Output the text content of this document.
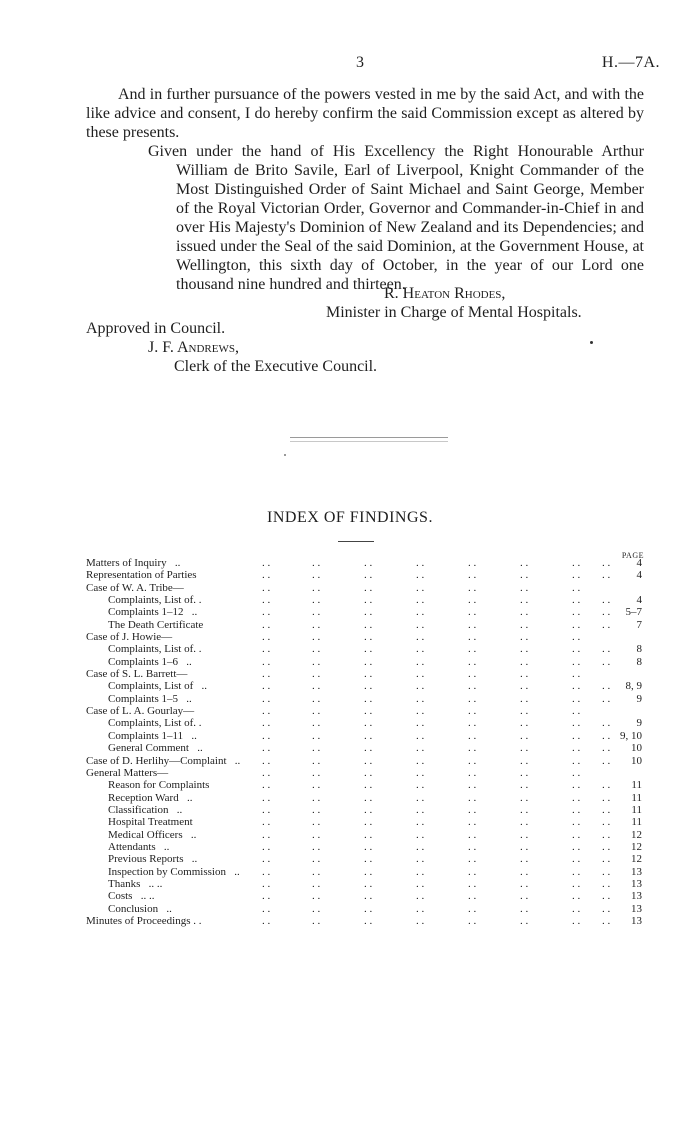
3	H.—7A.
And in further pursuance of the powers vested in me by the said Act, and with the like advice and consent, I do hereby confirm the said Commission except as altered by these presents.
Given under the hand of His Excellency the Right Honourable Arthur William de Brito Savile, Earl of Liverpool, Knight Commander of the Most Distinguished Order of Saint Michael and Saint George, Member of the Royal Victorian Order, Governor and Commander-in-Chief in and over His Majesty's Dominion of New Zealand and its Dependencies; and issued under the Seal of the said Dominion, at the Government House, at Wellington, this sixth day of October, in the year of our Lord one thousand nine hundred and thirteen.
R. Heaton Rhodes,
Minister in Charge of Mental Hospitals.
Approved in Council.
J. F. Andrews,
Clerk of the Executive Council.
INDEX OF FINDINGS.
PAGE
Matters of Inquiry   ..	. .	. .	. .	. .	. .	. .	. . . . 4
Representation of Parties	. .	. .	. .	. .	. .	. .	. . . . 4
Case of W. A. Tribe—	. .	. .	. .	. .	. .	. .	. .
Complaints, List of. .	. .	. .	. .	. .	. .	. .	. . . . 4
Complaints 1–12   ..	. .	. .	. .	. .	. .	. .	. . . . 5–7
The Death Certificate	. .	. .	. .	. .	. .	. .	. . . . 7
Case of J. Howie—	. .	. .	. .	. .	. .	. .	. .
Complaints, List of. .	. .	. .	. .	. .	. .	. .	. . . . 8
Complaints 1–6   ..	. .	. .	. .	. .	. .	. .	. . . . 8
Case of S. L. Barrett—	. .	. .	. .	. .	. .	. .	. .
Complaints, List of   ..	. .	. .	. .	. .	. .	. .	. . . . 8, 9
Complaints 1–5   ..	. .	. .	. .	. .	. .	. .	. . . . 9
Case of L. A. Gourlay—	. .	. .	. .	. .	. .	. .	. .
Complaints, List of. .	. .	. .	. .	. .	. .	. .	. . . . 9
Complaints 1–11   ..	. .	. .	. .	. .	. .	. .	. . . . 9, 10
General Comment   ..	. .	. .	. .	. .	. .	. .	. . . . 10
Case of D. Herlihy—Complaint   .. . .	. .	. .	. .	. .	. .	. . . . 10
General Matters—	. .	. .	. .	. .	. .	. .	. .
Reason for Complaints	. .	. .	. .	. .	. .	. .	. . . . 11
Reception Ward   ..	. .	. .	. .	. .	. .	. .	. . . . 11
Classification   ..	. .	. .	. .	. .	. .	. .	. . . . 11
Hospital Treatment	. .	. .	. .	. .	. .	. .	. . . . 11
Medical Officers   ..	. .	. .	. .	. .	. .	. .	. . . . 12
Attendants   ..	. .	. .	. .	. .	. .	. .	. . . . 12
Previous Reports   ..	. .	. .	. .	. .	. .	. .	. . . . 12
Inspection by Commission   .. . .	. .	. .	. .	. .	. .	. . . . 13
Thanks   .. ..	. .	. .	. .	. .	. .	. .	. . . . 13
Costs   .. ..	. .	. .	. .	. .	. .	. .	. . . . 13
Conclusion   ..	. .	. .	. .	. .	. .	. .	. . . . 13
Minutes of Proceedings . .	. .	. .	. .	. .	. .	. .	. . . . 13
